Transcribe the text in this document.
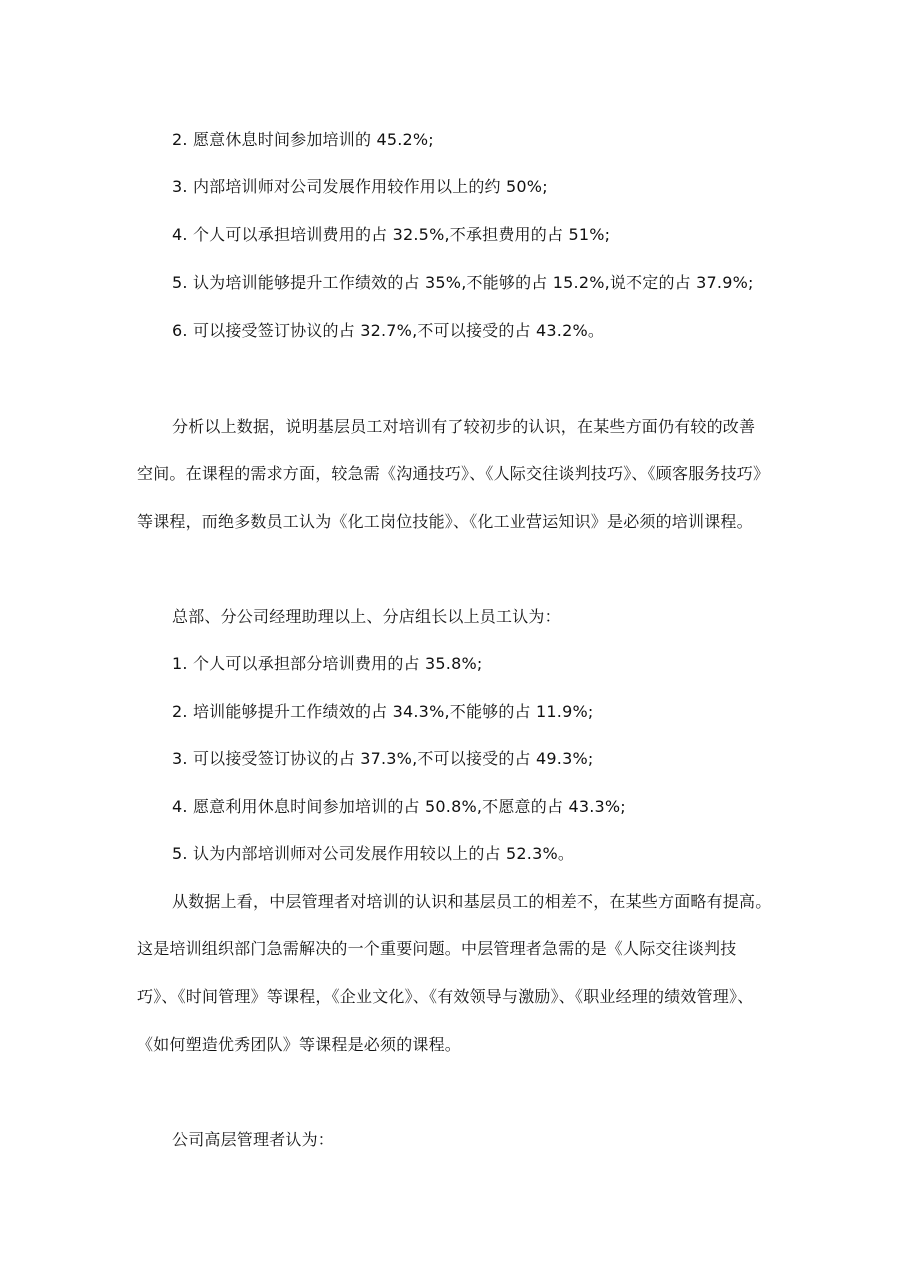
2. 愿意休息时间参加培训的 45.2%;
3. 内部培训师对公司发展作用较作用以上的约 50%;
4. 个人可以承担培训费用的占 32.5%,不承担费用的占 51%;
5. 认为培训能够提升工作绩效的占 35%,不能够的占 15.2%,说不定的占 37.9%;
6. 可以接受签订协议的占 32.7%,不可以接受的占 43.2%。
分析以上数据，说明基层员工对培训有了较初步的认识，在某些方面仍有较的改善
空间。在课程的需求方面，较急需《沟通技巧》、《人际交往谈判技巧》、《顾客服务技巧》
等课程，而绝多数员工认为《化工岗位技能》、《化工业营运知识》是必须的培训课程。
总部、分公司经理助理以上、分店组长以上员工认为：
1. 个人可以承担部分培训费用的占 35.8%;
2. 培训能够提升工作绩效的占 34.3%,不能够的占 11.9%;
3. 可以接受签订协议的占 37.3%,不可以接受的占 49.3%;
4. 愿意利用休息时间参加培训的占 50.8%,不愿意的占 43.3%;
5. 认为内部培训师对公司发展作用较以上的占 52.3%。
从数据上看，中层管理者对培训的认识和基层员工的相差不，在某些方面略有提高。
这是培训组织部门急需解决的一个重要问题。中层管理者急需的是《人际交往谈判技
巧》、《时间管理》等课程，《企业文化》、《有效领导与激励》、《职业经理的绩效管理》、
《如何塑造优秀团队》等课程是必须的课程。
公司高层管理者认为：
